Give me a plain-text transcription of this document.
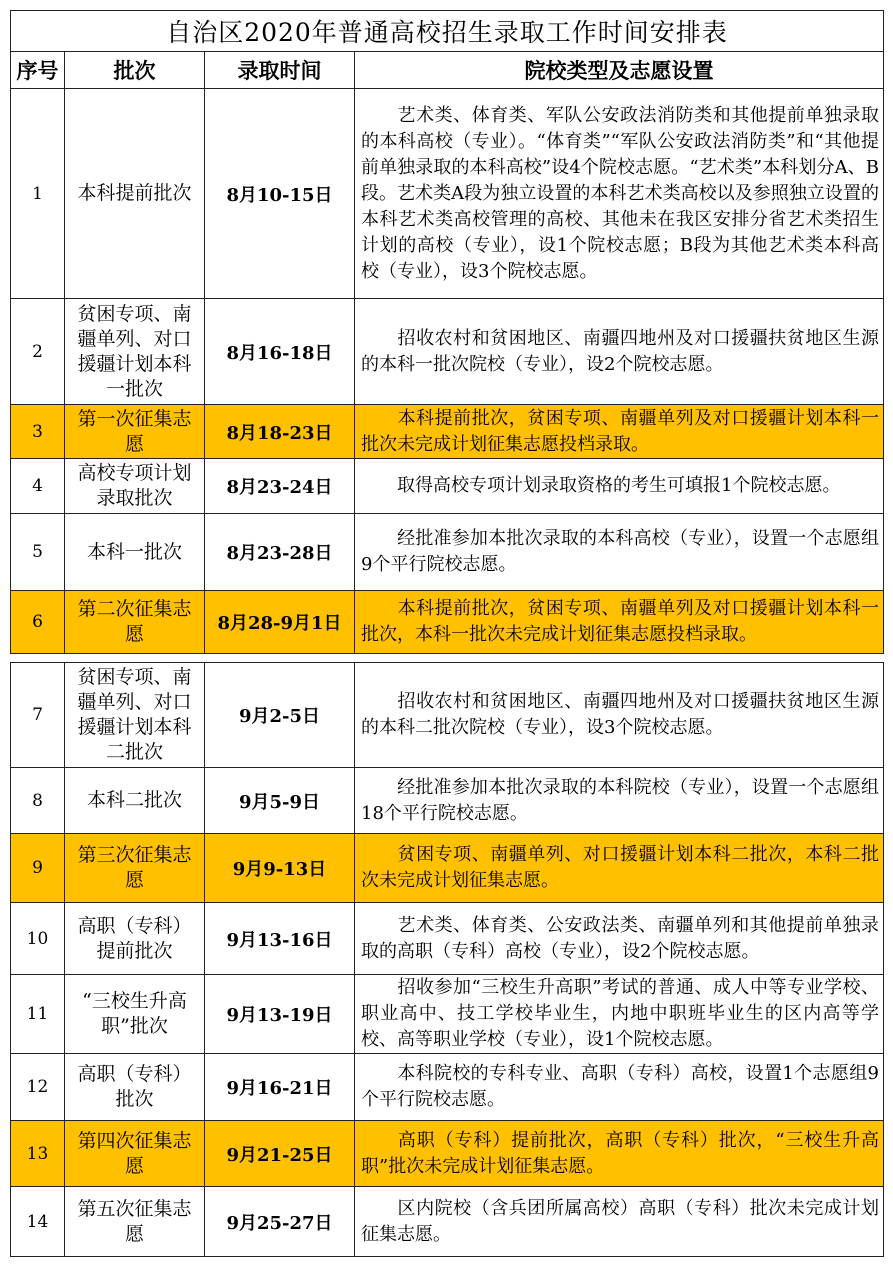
自治区2020年普通高校招生录取工作时间安排表			
序号	批次	录取时间	院校类型及志愿设置
1	本科提前批次	8月10-15日	艺术类、体育类、军队公安政法消防类和其他提前单独录取的本科高校（专业）。“体育类”“军队公安政法消防类”和“其他提前单独录取的本科高校”设4个院校志愿。“艺术类”本科划分A、B段。艺术类A段为独立设置的本科艺术类高校以及参照独立设置的本科艺术类高校管理的高校、其他未在我区安排分省艺术类招生计划的高校（专业），设1个院校志愿；B段为其他艺术类本科高校（专业），设3个院校志愿。
2	贫困专项、南疆单列、对口援疆计划本科一批次	8月16-18日	招收农村和贫困地区、南疆四地州及对口援疆扶贫地区生源的本科一批次院校（专业），设2个院校志愿。
3	第一次征集志愿	8月18-23日	本科提前批次，贫困专项、南疆单列及对口援疆计划本科一批次未完成计划征集志愿投档录取。
4	高校专项计划录取批次	8月23-24日	取得高校专项计划录取资格的考生可填报1个院校志愿。
5	本科一批次	8月23-28日	经批准参加本批次录取的本科高校（专业），设置一个志愿组9个平行院校志愿。
6	第二次征集志愿	8月28-9月1日	本科提前批次，贫困专项、南疆单列及对口援疆计划本科一批次，本科一批次未完成计划征集志愿投档录取。

7	贫困专项、南疆单列、对口援疆计划本科二批次	9月2-5日	招收农村和贫困地区、南疆四地州及对口援疆扶贫地区生源的本科二批次院校（专业），设3个院校志愿。
8	本科二批次	9月5-9日	经批准参加本批次录取的本科院校（专业），设置一个志愿组18个平行院校志愿。
9	第三次征集志愿	9月9-13日	贫困专项、南疆单列、对口援疆计划本科二批次，本科二批次未完成计划征集志愿。
10	高职（专科）提前批次	9月13-16日	艺术类、体育类、公安政法类、南疆单列和其他提前单独录取的高职（专科）高校（专业），设2个院校志愿。
11	“三校生升高职”批次	9月13-19日	招收参加“三校生升高职”考试的普通、成人中等专业学校、职业高中、技工学校毕业生，内地中职班毕业生的区内高等学校、高等职业学校（专业），设1个院校志愿。
12	高职（专科）批次	9月16-21日	本科院校的专科专业、高职（专科）高校，设置1个志愿组9个平行院校志愿。
13	第四次征集志愿	9月21-25日	高职（专科）提前批次，高职（专科）批次，“三校生升高职”批次未完成计划征集志愿。
14	第五次征集志愿	9月25-27日	区内院校（含兵团所属高校）高职（专科）批次未完成计划征集志愿。
